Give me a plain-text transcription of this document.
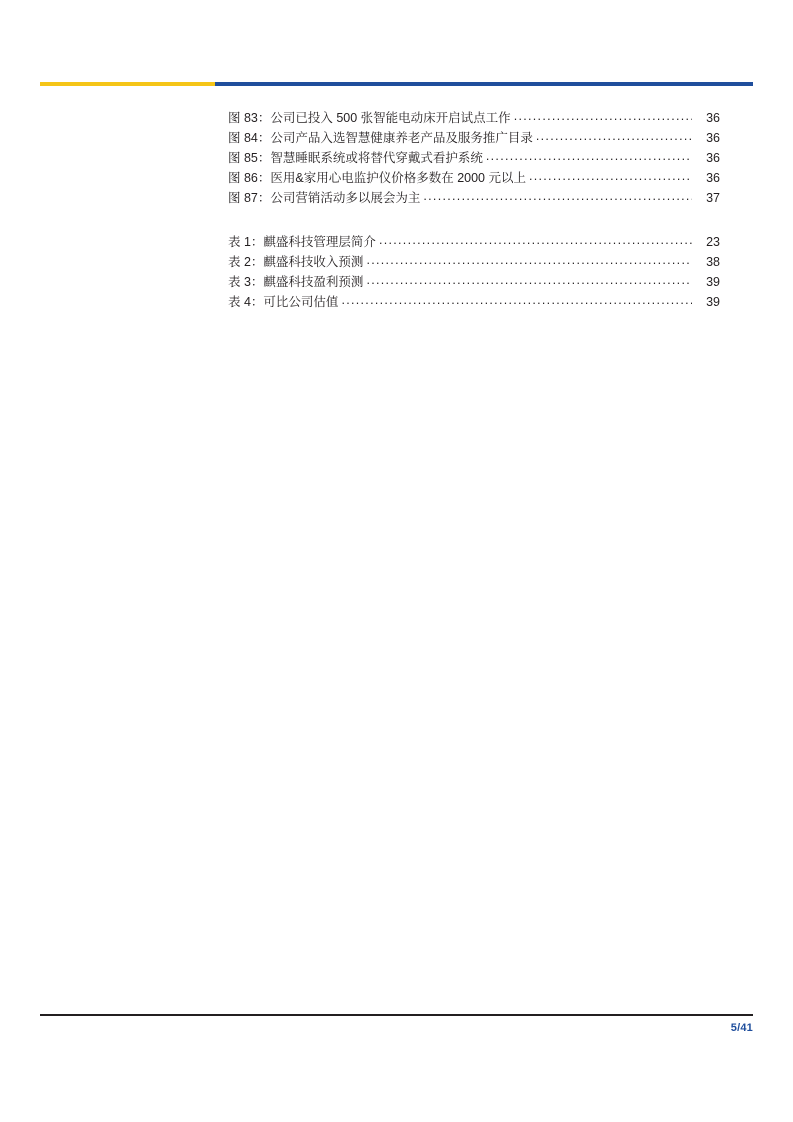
图 83：公司已投入 500 张智能电动床开启试点工作 .....	36
图 84：公司产品入选智慧健康养老产品及服务推广目录 .....	36
图 85：智慧睡眠系统或将替代穿戴式看护系统 .....	36
图 86：医用&家用心电监护仪价格多数在 2000 元以上 .....	36
图 87：公司营销活动多以展会为主 .....	37
表 1：麒盛科技管理层简介 .....	23
表 2：麒盛科技收入预测 .....	38
表 3：麒盛科技盈利预测 .....	39
表 4：可比公司估值 .....	39
5/41
